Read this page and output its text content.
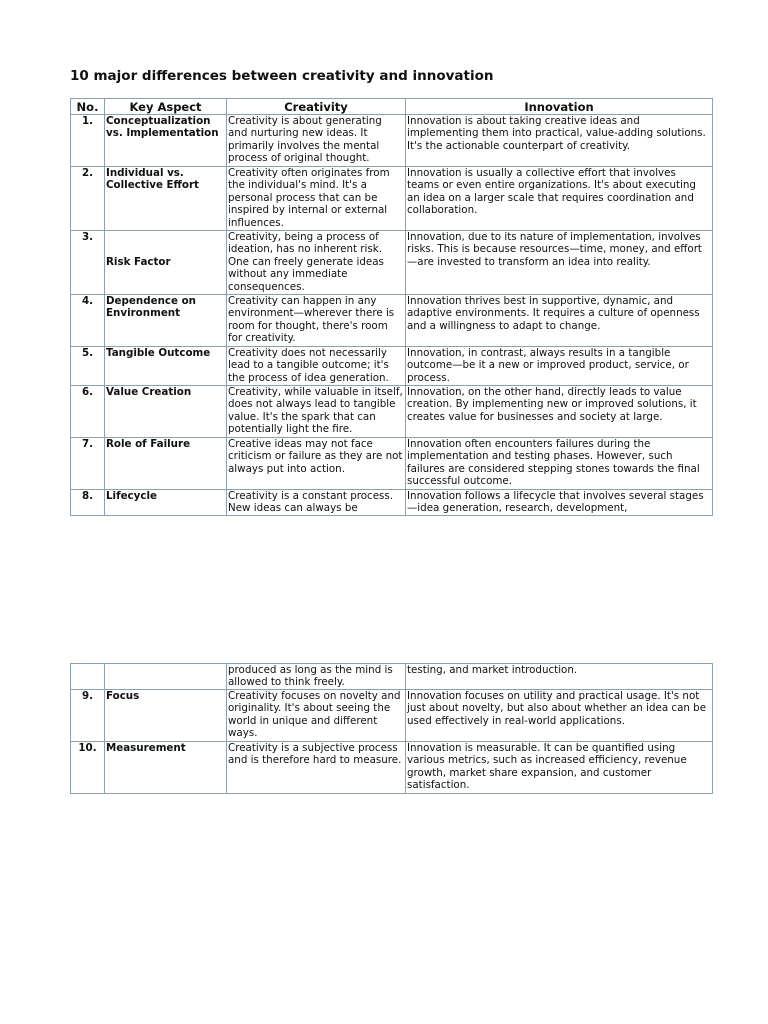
10 major differences between creativity and innovation
No.	Key Aspect	Creativity	Innovation
1.	Conceptualization vs. Implementation	Creativity is about generating and nurturing new ideas. It primarily involves the mental process of original thought.	Innovation is about taking creative ideas and implementing them into practical, value-adding solutions. It's the actionable counterpart of creativity.
2.	Individual vs. Collective Effort	Creativity often originates from the individual's mind. It's a personal process that can be inspired by internal or external influences.	Innovation is usually a collective effort that involves teams or even entire organizations. It's about executing an idea on a larger scale that requires coordination and collaboration.
3.	Risk Factor	Creativity, being a process of ideation, has no inherent risk. One can freely generate ideas without any immediate consequences.	Innovation, due to its nature of implementation, involves risks. This is because resources—time, money, and effort—are invested to transform an idea into reality.
4.	Dependence on Environment	Creativity can happen in any environment—wherever there is room for thought, there's room for creativity.	Innovation thrives best in supportive, dynamic, and adaptive environments. It requires a culture of openness and a willingness to adapt to change.
5.	Tangible Outcome	Creativity does not necessarily lead to a tangible outcome; it's the process of idea generation.	Innovation, in contrast, always results in a tangible outcome—be it a new or improved product, service, or process.
6.	Value Creation	Creativity, while valuable in itself, does not always lead to tangible value. It's the spark that can potentially light the fire.	Innovation, on the other hand, directly leads to value creation. By implementing new or improved solutions, it creates value for businesses and society at large.
7.	Role of Failure	Creative ideas may not face criticism or failure as they are not always put into action.	Innovation often encounters failures during the implementation and testing phases. However, such failures are considered stepping stones towards the final successful outcome.
8.	Lifecycle	Creativity is a constant process. New ideas can always be	Innovation follows a lifecycle that involves several stages—idea generation, research, development,
		produced as long as the mind is allowed to think freely.	testing, and market introduction.
9.	Focus	Creativity focuses on novelty and originality. It's about seeing the world in unique and different ways.	Innovation focuses on utility and practical usage. It's not just about novelty, but also about whether an idea can be used effectively in real-world applications.
10.	Measurement	Creativity is a subjective process and is therefore hard to measure.	Innovation is measurable. It can be quantified using various metrics, such as increased efficiency, revenue growth, market share expansion, and customer satisfaction.
